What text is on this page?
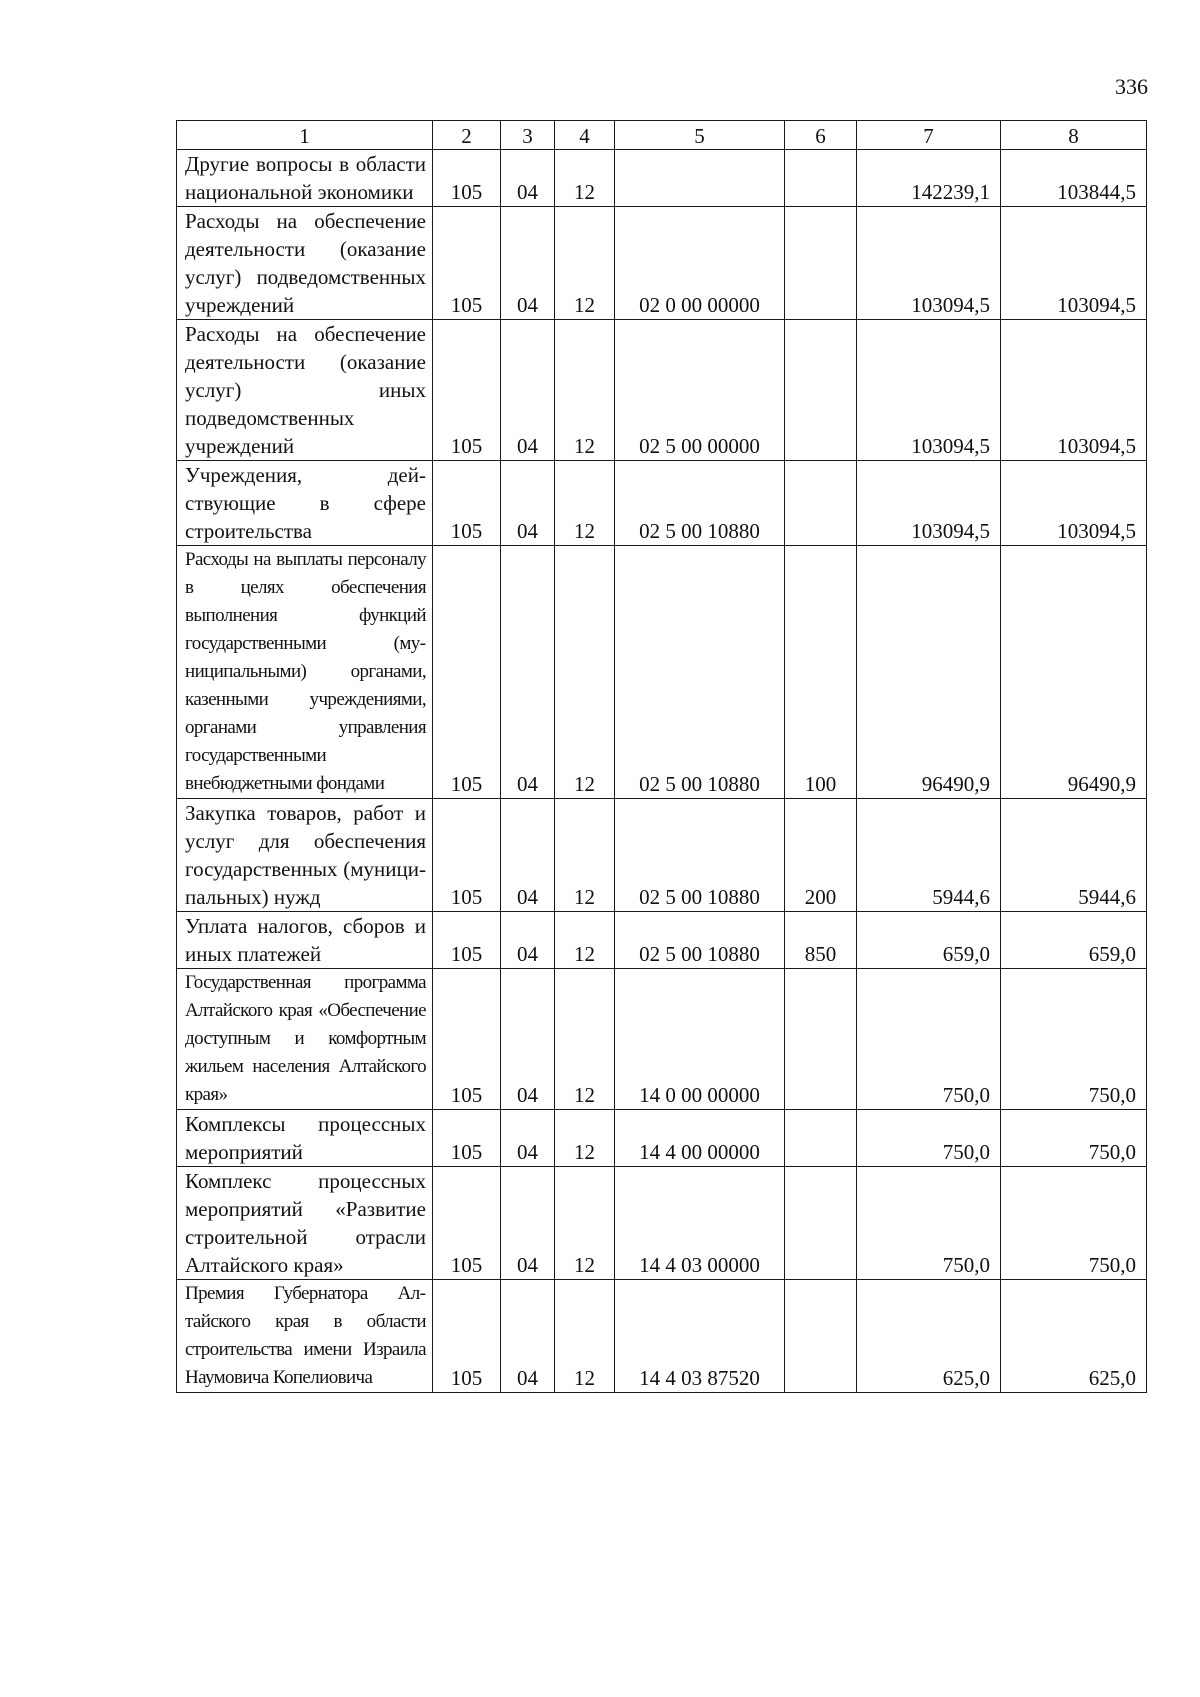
336
1	2	3	4	5	6	7	8
Другие вопросы в области национальной экономики	105	04	12			142239,1	103844,5
Расходы на обеспечение деятельности (оказание услуг) подведомственных учреждений	105	04	12	02 0 00 00000		103094,5	103094,5
Расходы на обеспечение деятельности (оказание услуг) иных подведомственных учреждений	105	04	12	02 5 00 00000		103094,5	103094,5
Учреждения, действующие в сфере строительства	105	04	12	02 5 00 10880		103094,5	103094,5
Расходы на выплаты персоналу в целях обеспечения выполнения функций государственными (муниципальными) органами, казенными учреждениями, органами управления государственными внебюджетными фондами	105	04	12	02 5 00 10880	100	96490,9	96490,9
Закупка товаров, работ и услуг для обеспечения государственных (муниципальных) нужд	105	04	12	02 5 00 10880	200	5944,6	5944,6
Уплата налогов, сборов и иных платежей	105	04	12	02 5 00 10880	850	659,0	659,0
Государственная программа Алтайского края «Обеспечение доступным и комфортным жильем населения Алтайского края»	105	04	12	14 0 00 00000		750,0	750,0
Комплексы процессных мероприятий	105	04	12	14 4 00 00000		750,0	750,0
Комплекс процессных мероприятий «Развитие строительной отрасли Алтайского края»	105	04	12	14 4 03 00000		750,0	750,0
Премия Губернатора Алтайского края в области строительства имени Израила Наумовича Копелиовича	105	04	12	14 4 03 87520		625,0	625,0
